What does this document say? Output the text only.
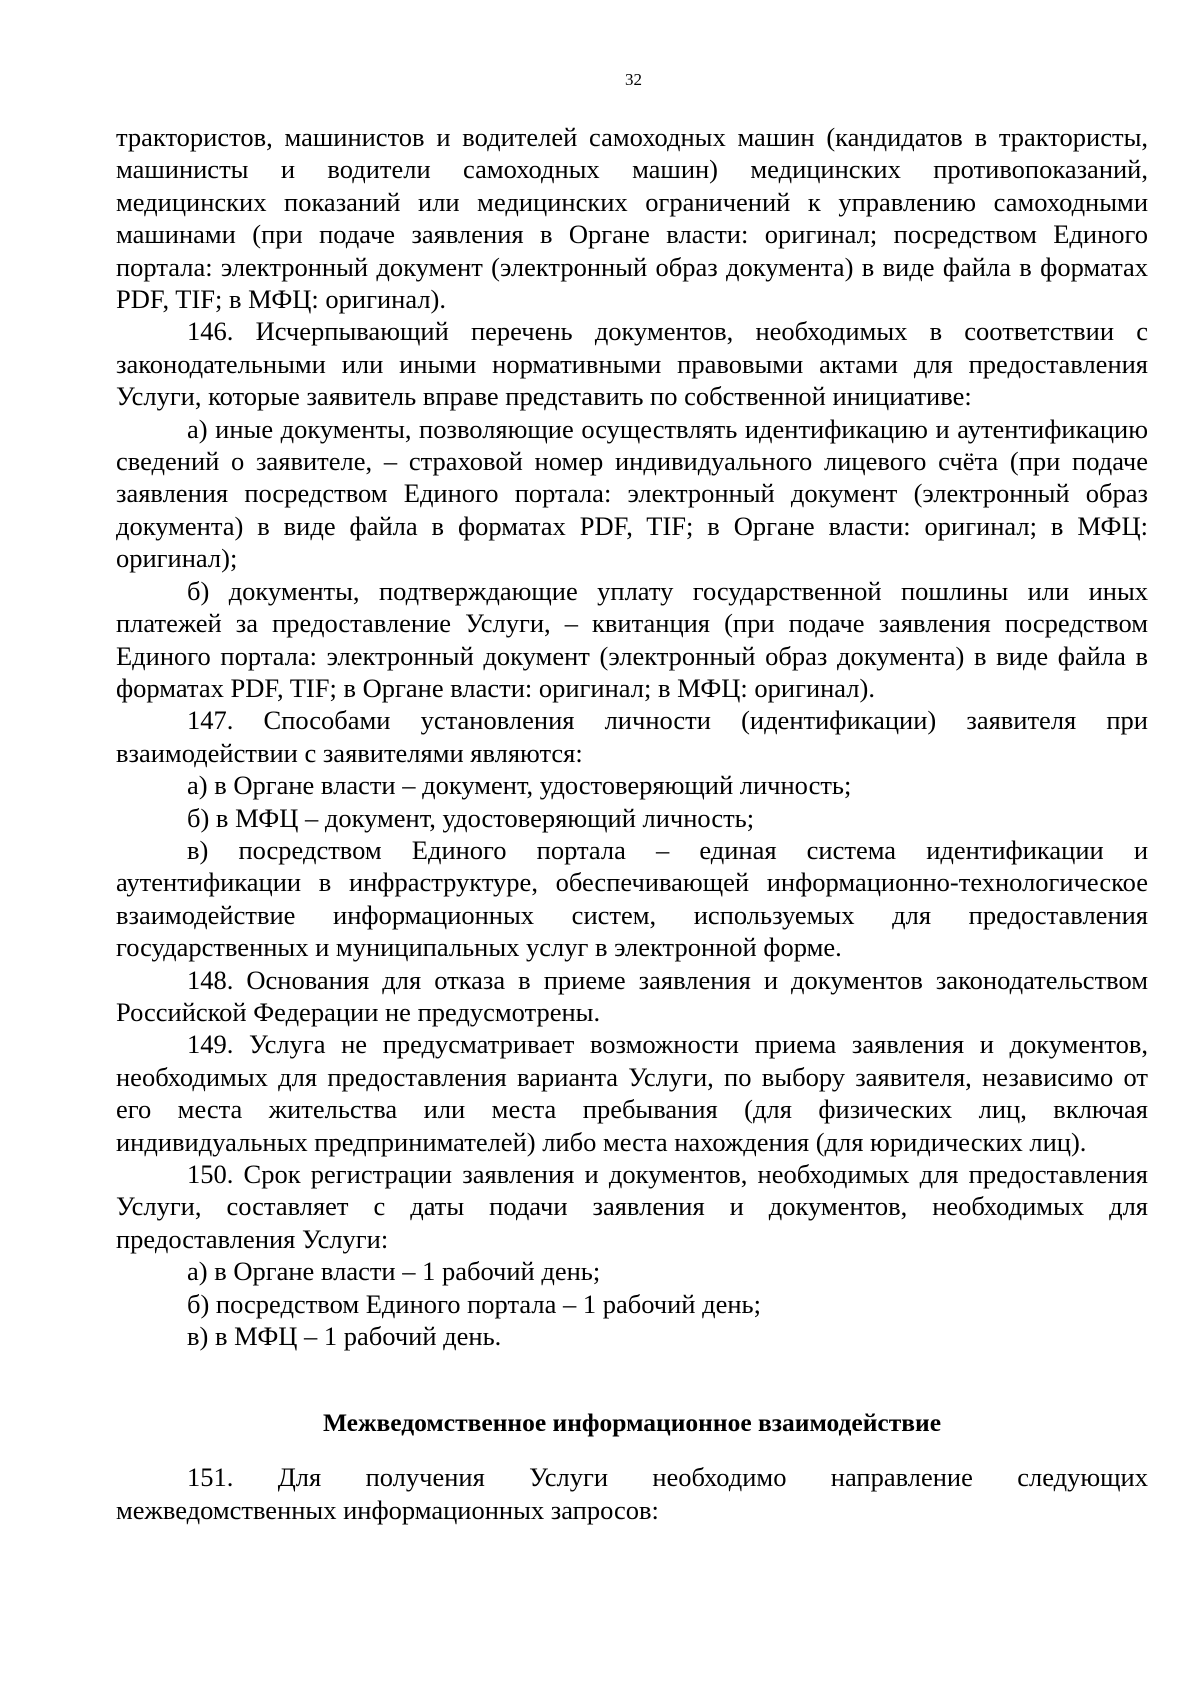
32

трактористов, машинистов и водителей самоходных машин (кандидатов в трактористы, машинисты и водители самоходных машин) медицинских противопоказаний, медицинских показаний или медицинских ограничений к управлению самоходными машинами (при подаче заявления в Органе власти: оригинал; посредством Единого портала: электронный документ (электронный образ документа) в виде файла в форматах PDF, TIF; в МФЦ: оригинал).

146. Исчерпывающий перечень документов, необходимых в соответствии с законодательными или иными нормативными правовыми актами для предоставления Услуги, которые заявитель вправе представить по собственной инициативе:

а) иные документы, позволяющие осуществлять идентификацию и аутентификацию сведений о заявителе, – страховой номер индивидуального лицевого счёта (при подаче заявления посредством Единого портала: электронный документ (электронный образ документа) в виде файла в форматах PDF, TIF; в Органе власти: оригинал; в МФЦ: оригинал);

б) документы, подтверждающие уплату государственной пошлины или иных платежей за предоставление Услуги, – квитанция (при подаче заявления посредством Единого портала: электронный документ (электронный образ документа) в виде файла в форматах PDF, TIF; в Органе власти: оригинал; в МФЦ: оригинал).

147. Способами установления личности (идентификации) заявителя при взаимодействии с заявителями являются:

а) в Органе власти – документ, удостоверяющий личность;

б) в МФЦ – документ, удостоверяющий личность;

в) посредством Единого портала – единая система идентификации и аутентификации в инфраструктуре, обеспечивающей информационно-технологическое взаимодействие информационных систем, используемых для предоставления государственных и муниципальных услуг в электронной форме.

148. Основания для отказа в приеме заявления и документов законодательством Российской Федерации не предусмотрены.

149. Услуга не предусматривает возможности приема заявления и документов, необходимых для предоставления варианта Услуги, по выбору заявителя, независимо от его места жительства или места пребывания (для физических лиц, включая индивидуальных предпринимателей) либо места нахождения (для юридических лиц).

150. Срок регистрации заявления и документов, необходимых для предоставления Услуги, составляет с даты подачи заявления и документов, необходимых для предоставления Услуги:

а) в Органе власти – 1 рабочий день;

б) посредством Единого портала – 1 рабочий день;

в) в МФЦ – 1 рабочий день.

Межведомственное информационное взаимодействие

151. Для получения Услуги необходимо направление следующих межведомственных информационных запросов:
